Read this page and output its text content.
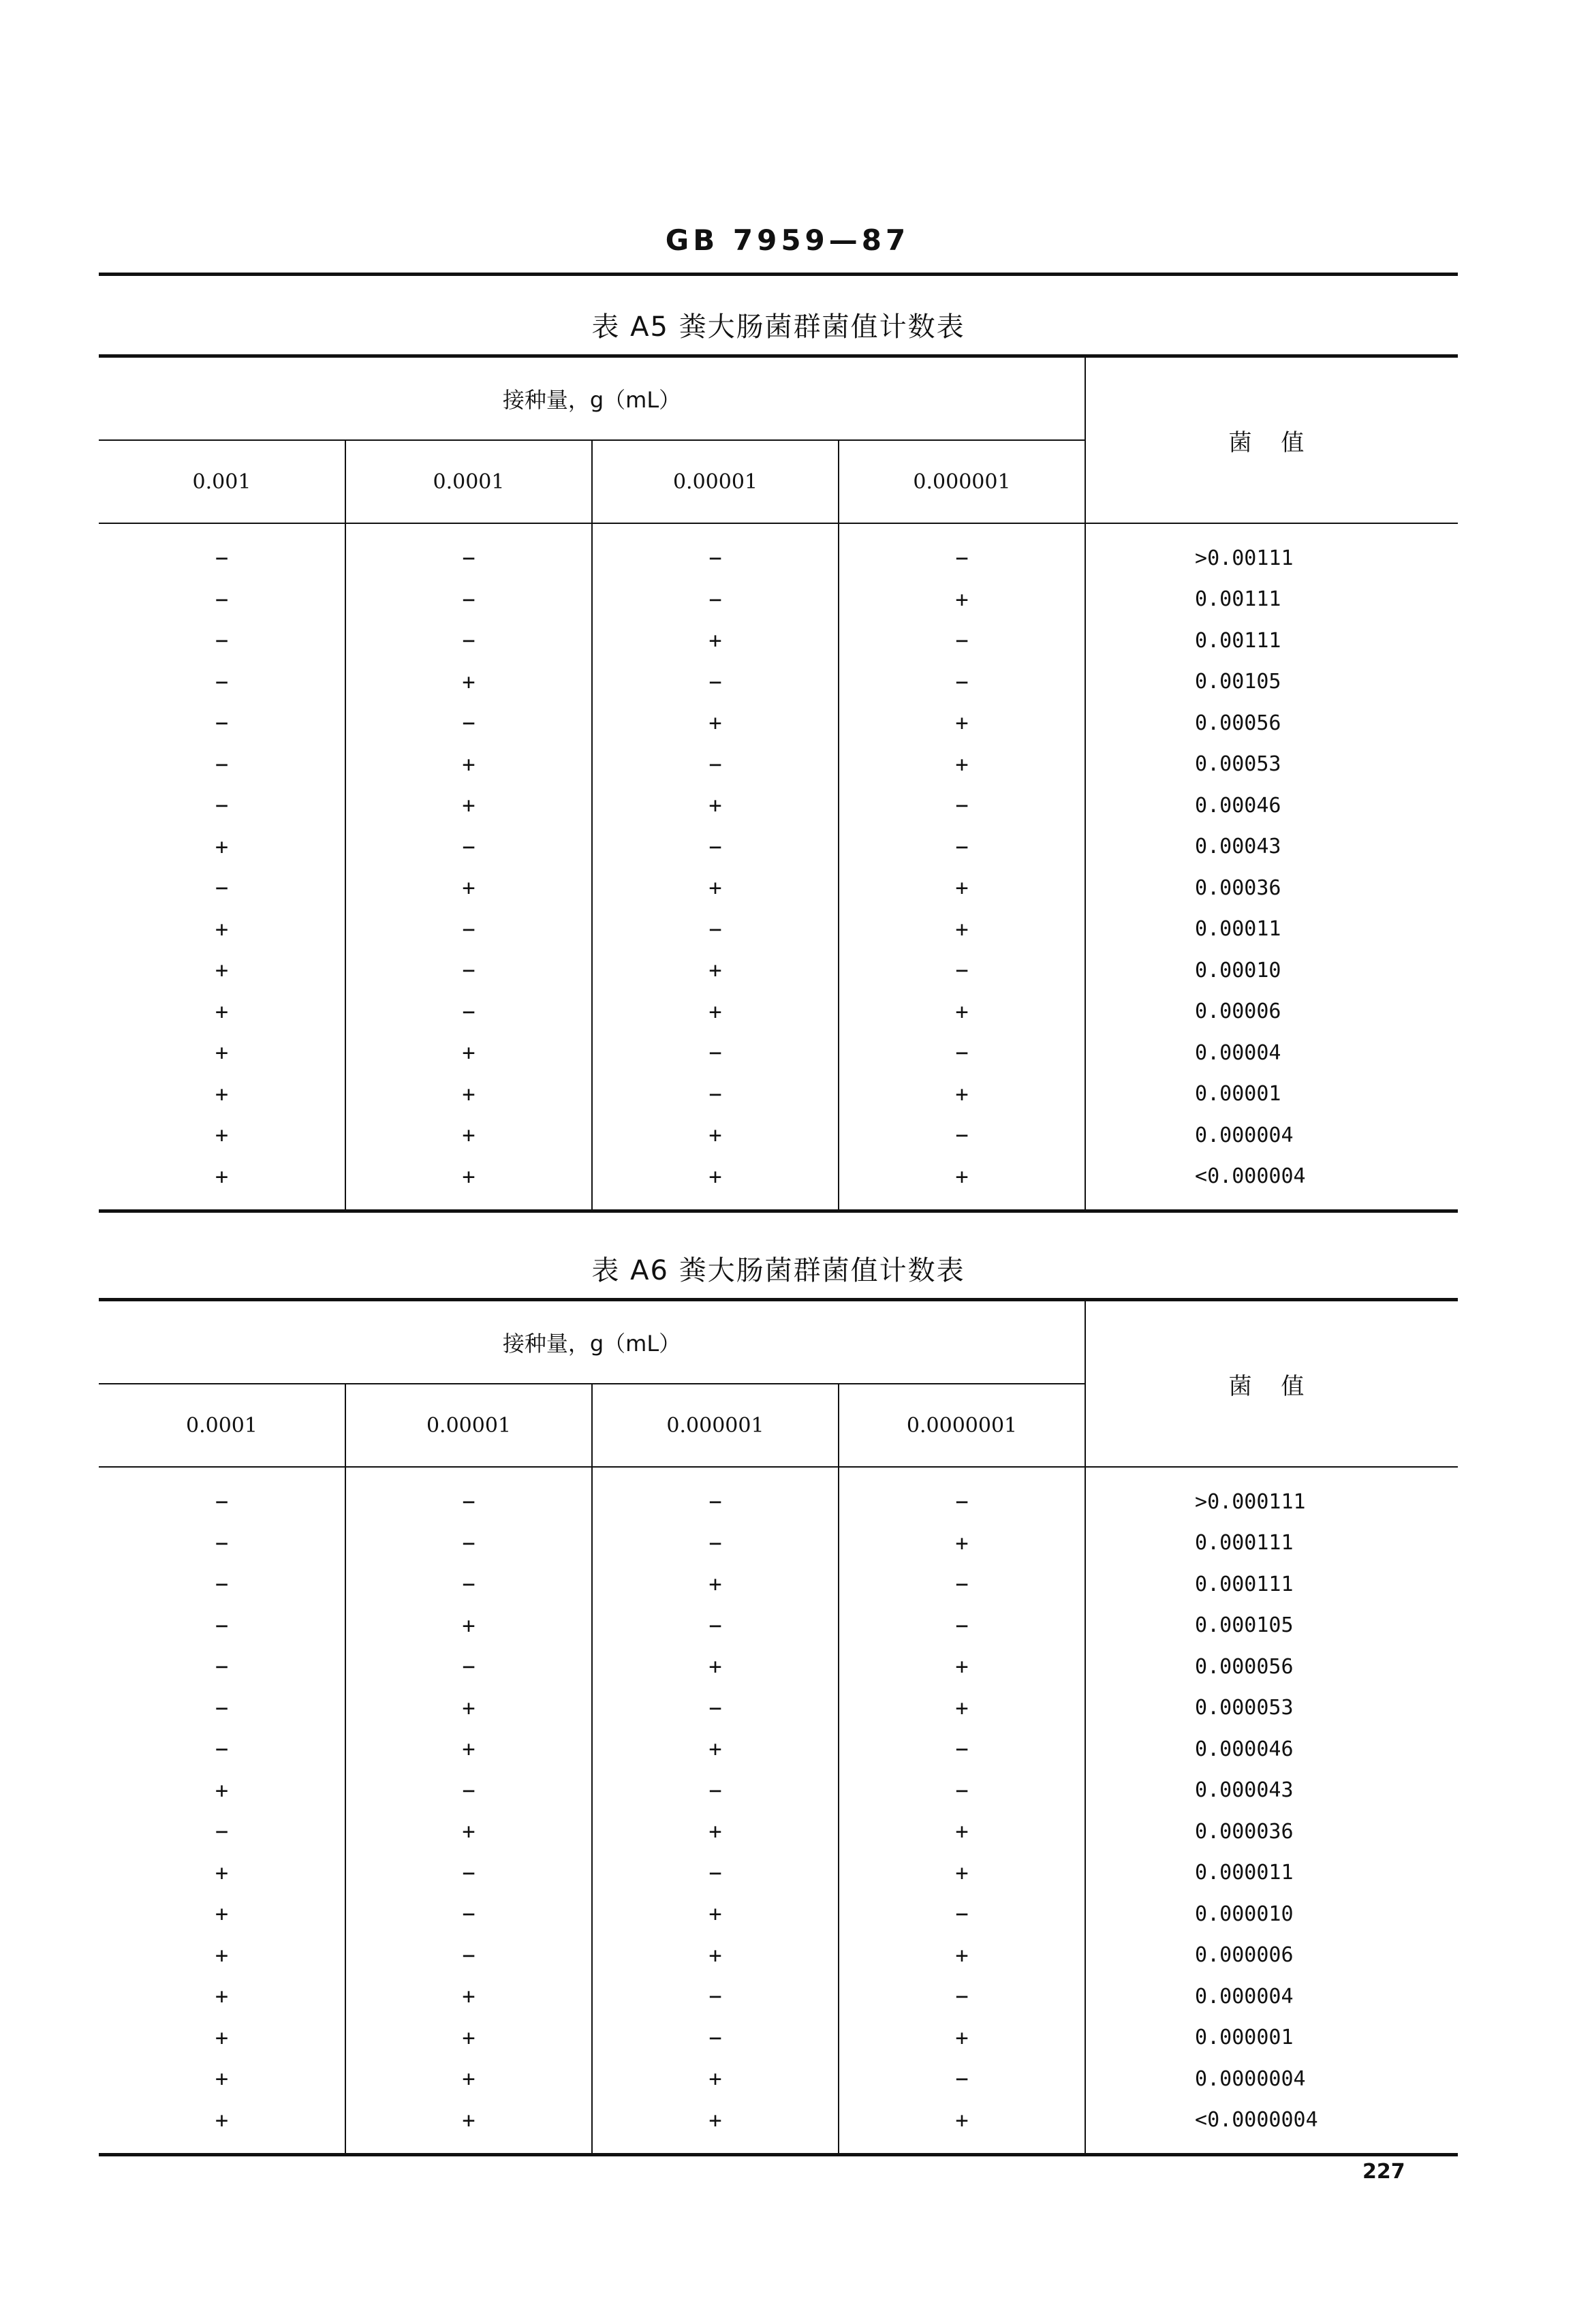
GB 7959—87
表 A5 粪大肠菌群菌值计数表
接种量，g（mL）				菌 值
0.001	0.0001	0.00001	0.000001	
−	−	−	−	>0.00111
−	−	−	+	0.00111
−	−	+	−	0.00111
−	+	−	−	0.00105
−	−	+	+	0.00056
−	+	−	+	0.00053
−	+	+	−	0.00046
+	−	−	−	0.00043
−	+	+	+	0.00036
+	−	−	+	0.00011
+	−	+	−	0.00010
+	−	+	+	0.00006
+	+	−	−	0.00004
+	+	−	+	0.00001
+	+	+	−	0.000004
+	+	+	+	<0.000004
表 A6 粪大肠菌群菌值计数表
接种量，g（mL）				菌 值
0.0001	0.00001	0.000001	0.0000001	
−	−	−	−	>0.000111
−	−	−	+	0.000111
−	−	+	−	0.000111
−	+	−	−	0.000105
−	−	+	+	0.000056
−	+	−	+	0.000053
−	+	+	−	0.000046
+	−	−	−	0.000043
−	+	+	+	0.000036
+	−	−	+	0.000011
+	−	+	−	0.000010
+	−	+	+	0.000006
+	+	−	−	0.000004
+	+	−	+	0.000001
+	+	+	−	0.0000004
+	+	+	+	<0.0000004
227
